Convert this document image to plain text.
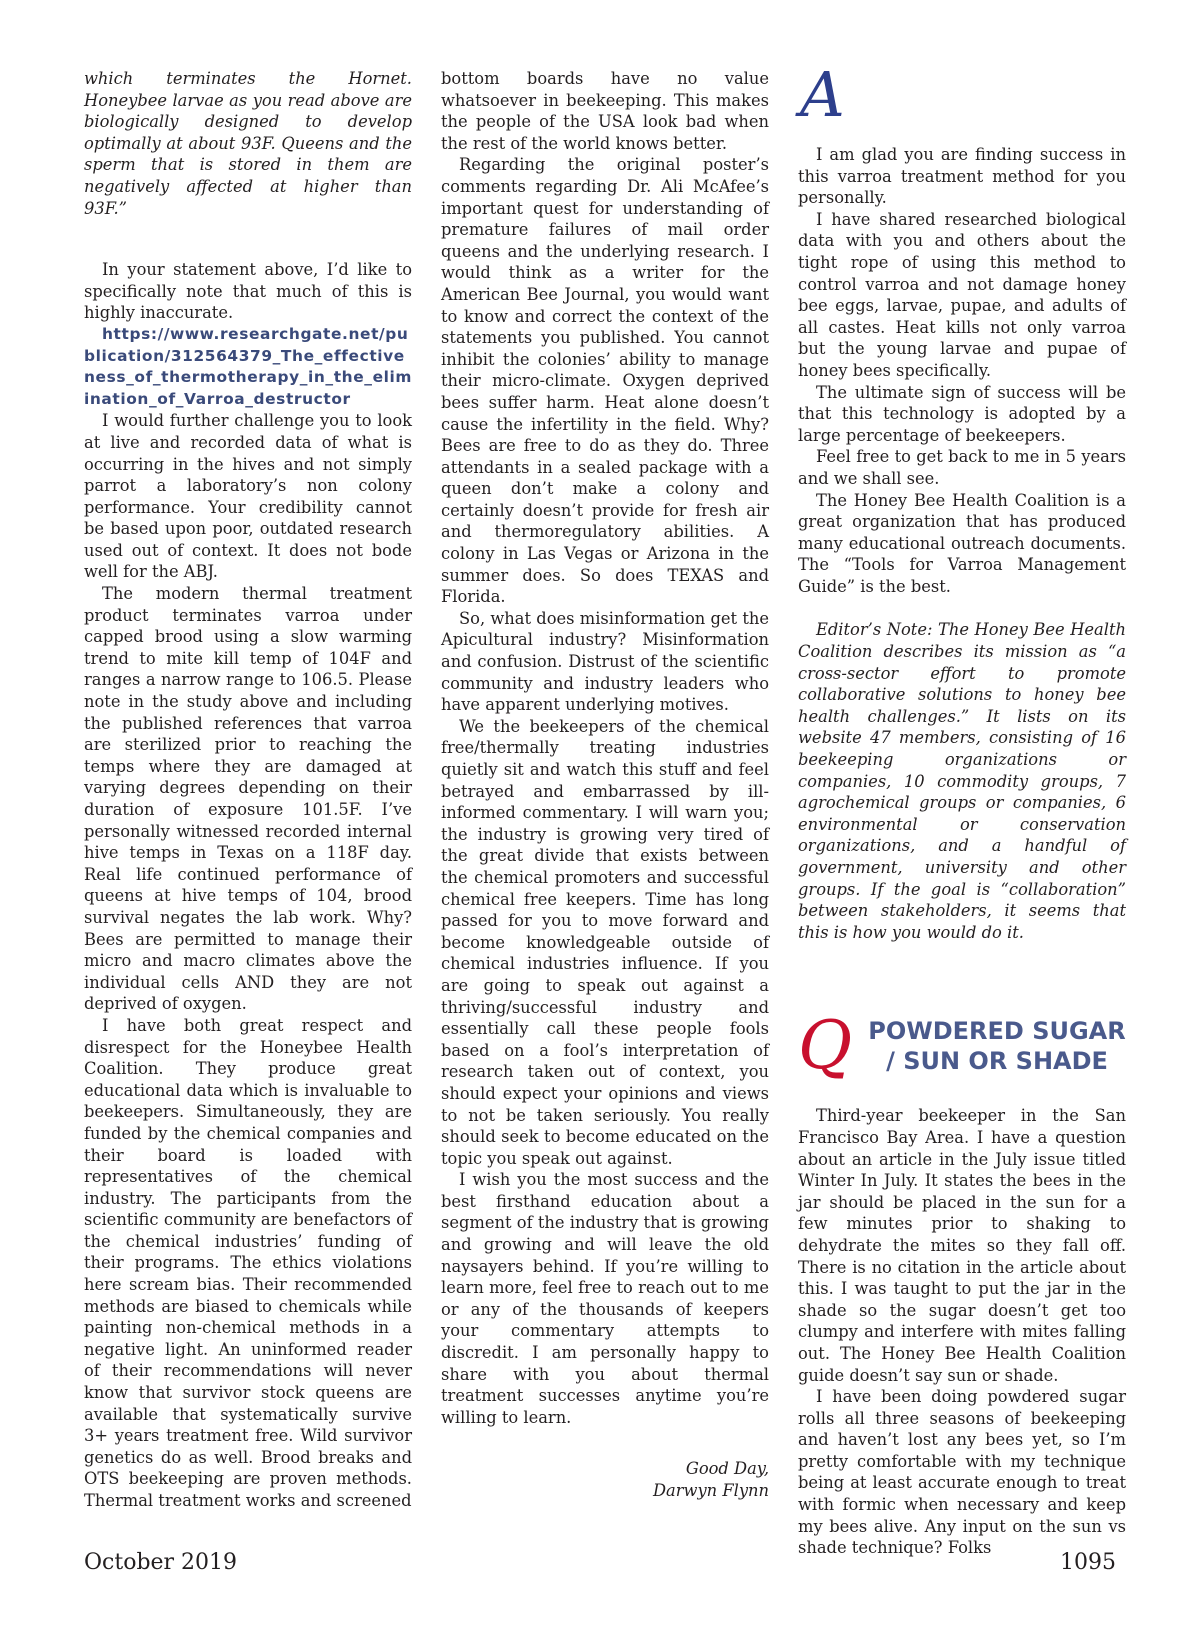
which terminates the Hornet. Honeybee larvae as you read above are biologically designed to develop optimally at about 93F. Queens and the sperm that is stored in them are negatively affected at higher than 93F.”

In your statement above, I’d like to specifically note that much of this is highly inaccurate.

https://www.researchgate.net/publication/312564379_The_effectiveness_of_thermotherapy_in_the_elimination_of_Varroa_destructor

I would further challenge you to look at live and recorded data of what is occurring in the hives and not simply parrot a laboratory’s non colony performance. Your credibility cannot be based upon poor, outdated research used out of context. It does not bode well for the ABJ.

The modern thermal treatment product terminates varroa under capped brood using a slow warming trend to mite kill temp of 104F and ranges a narrow range to 106.5. Please note in the study above and including the published references that varroa are sterilized prior to reaching the temps where they are damaged at varying degrees depending on their duration of exposure 101.5F. I’ve personally witnessed recorded internal hive temps in Texas on a 118F day. Real life continued performance of queens at hive temps of 104, brood survival negates the lab work. Why? Bees are permitted to manage their micro and macro climates above the individual cells AND they are not deprived of oxygen.

I have both great respect and disrespect for the Honeybee Health Coalition. They produce great educational data which is invaluable to beekeepers. Simultaneously, they are funded by the chemical companies and their board is loaded with representatives of the chemical industry. The participants from the scientific community are benefactors of the chemical industries’ funding of their programs. The ethics violations here scream bias. Their recommended methods are biased to chemicals while painting non-chemical methods in a negative light. An uninformed reader of their recommendations will never know that survivor stock queens are available that systematically survive 3+ years treatment free. Wild survivor genetics do as well. Brood breaks and OTS beekeeping are proven methods. Thermal treatment works and screened

bottom boards have no value whatsoever in beekeeping. This makes the people of the USA look bad when the rest of the world knows better.

Regarding the original poster’s comments regarding Dr. Ali McAfee’s important quest for understanding of premature failures of mail order queens and the underlying research. I would think as a writer for the American Bee Journal, you would want to know and correct the context of the statements you published. You cannot inhibit the colonies’ ability to manage their micro-climate. Oxygen deprived bees suffer harm. Heat alone doesn’t cause the infertility in the field. Why? Bees are free to do as they do. Three attendants in a sealed package with a queen don’t make a colony and certainly doesn’t provide for fresh air and thermoregulatory abilities. A colony in Las Vegas or Arizona in the summer does. So does TEXAS and Florida.

So, what does misinformation get the Apicultural industry? Misinformation and confusion. Distrust of the scientific community and industry leaders who have apparent underlying motives.

We the beekeepers of the chemical free/thermally treating industries quietly sit and watch this stuff and feel betrayed and embarrassed by ill-informed commentary. I will warn you; the industry is growing very tired of the great divide that exists between the chemical promoters and successful chemical free keepers. Time has long passed for you to move forward and become knowledgeable outside of chemical industries influence. If you are going to speak out against a thriving/successful industry and essentially call these people fools based on a fool’s interpretation of research taken out of context, you should expect your opinions and views to not be taken seriously. You really should seek to become educated on the topic you speak out against.

I wish you the most success and the best firsthand education about a segment of the industry that is growing and growing and will leave the old naysayers behind. If you’re willing to learn more, feel free to reach out to me or any of the thousands of keepers your commentary attempts to discredit. I am personally happy to share with you about thermal treatment successes anytime you’re willing to learn.

Good Day,

Darwyn Flynn

A

I am glad you are finding success in this varroa treatment method for you personally.

I have shared researched biological data with you and others about the tight rope of using this method to control varroa and not damage honey bee eggs, larvae, pupae, and adults of all castes. Heat kills not only varroa but the young larvae and pupae of honey bees specifically.

The ultimate sign of success will be that this technology is adopted by a large percentage of beekeepers.

Feel free to get back to me in 5 years and we shall see.

The Honey Bee Health Coalition is a great organization that has produced many educational outreach documents. The “Tools for Varroa Management Guide” is the best.

Editor’s Note: The Honey Bee Health Coalition describes its mission as “a cross-sector effort to promote collaborative solutions to honey bee health challenges.” It lists on its website 47 members, consisting of 16 beekeeping organizations or companies, 10 commodity groups, 7 agrochemical groups or companies, 6 environmental or conservation organizations, and a handful of government, university and other groups. If the goal is “collaboration” between stakeholders, it seems that this is how you would do it.

Q POWDERED SUGAR
/ SUN OR SHADE

Third-year beekeeper in the San Francisco Bay Area. I have a question about an article in the July issue titled Winter In July. It states the bees in the jar should be placed in the sun for a few minutes prior to shaking to dehydrate the mites so they fall off. There is no citation in the article about this. I was taught to put the jar in the shade so the sugar doesn’t get too clumpy and interfere with mites falling out. The Honey Bee Health Coalition guide doesn’t say sun or shade.

I have been doing powdered sugar rolls all three seasons of beekeeping and haven’t lost any bees yet, so I’m pretty comfortable with my technique being at least accurate enough to treat with formic when necessary and keep my bees alive. Any input on the sun vs shade technique? Folks

October 2019	1095
